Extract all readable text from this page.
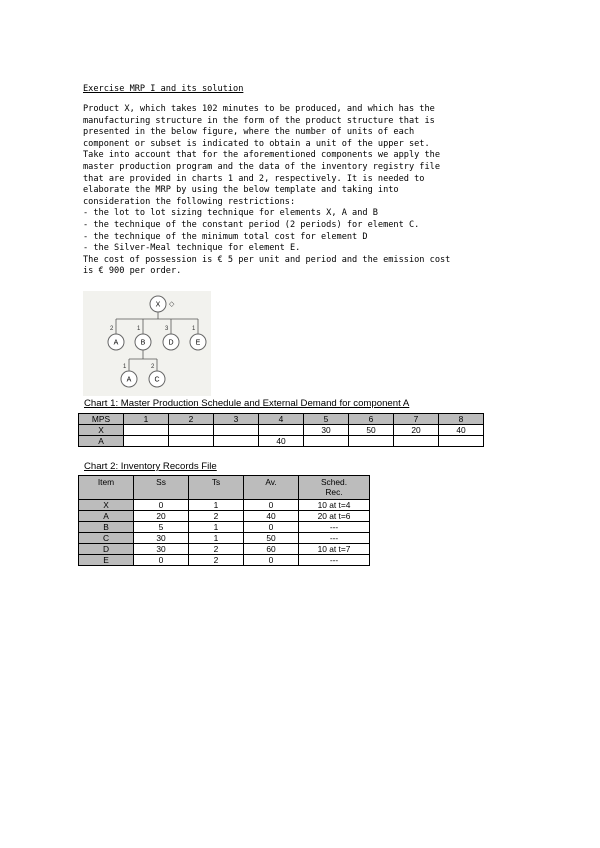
Exercise MRP I and its solution
Product X, which takes 102 minutes to be produced, and which has the
manufacturing structure in the form of the product structure that is
presented in the below figure, where the number of units of each
component or subset is indicated to obtain a unit of the upper set.
Take into account that for the aforementioned components we apply the
master production program and the data of the inventory registry file
that are provided in charts 1 and 2, respectively. It is needed to
elaborate the MRP by using the below template and taking into
consideration the following restrictions:
- the lot to lot sizing technique for elements X, A and B
- the technique of the constant period (2 periods) for element C.
- the technique of the minimum total cost for element D
- the Silver-Meal technique for element E.
The cost of possession is € 5 per unit and period and the emission cost
is € 900 per order.
X
A	B	D	E
A	C
◇
2	1	3	1
1	2
Chart 1: Master Production Schedule and External Demand for component A
MPS	1	2	3	4	5	6	7	8
X					30	50	20	40
A				40				
Chart 2: Inventory Records File
Item	Ss	Ts	Av.	Sched.
Rec.

X	0	1	0	10 at t=4
A	20	2	40	20 at t=6
B	5	1	0	---
C	30	1	50	---
D	30	2	60	10 at t=7
E	0	2	0	---
